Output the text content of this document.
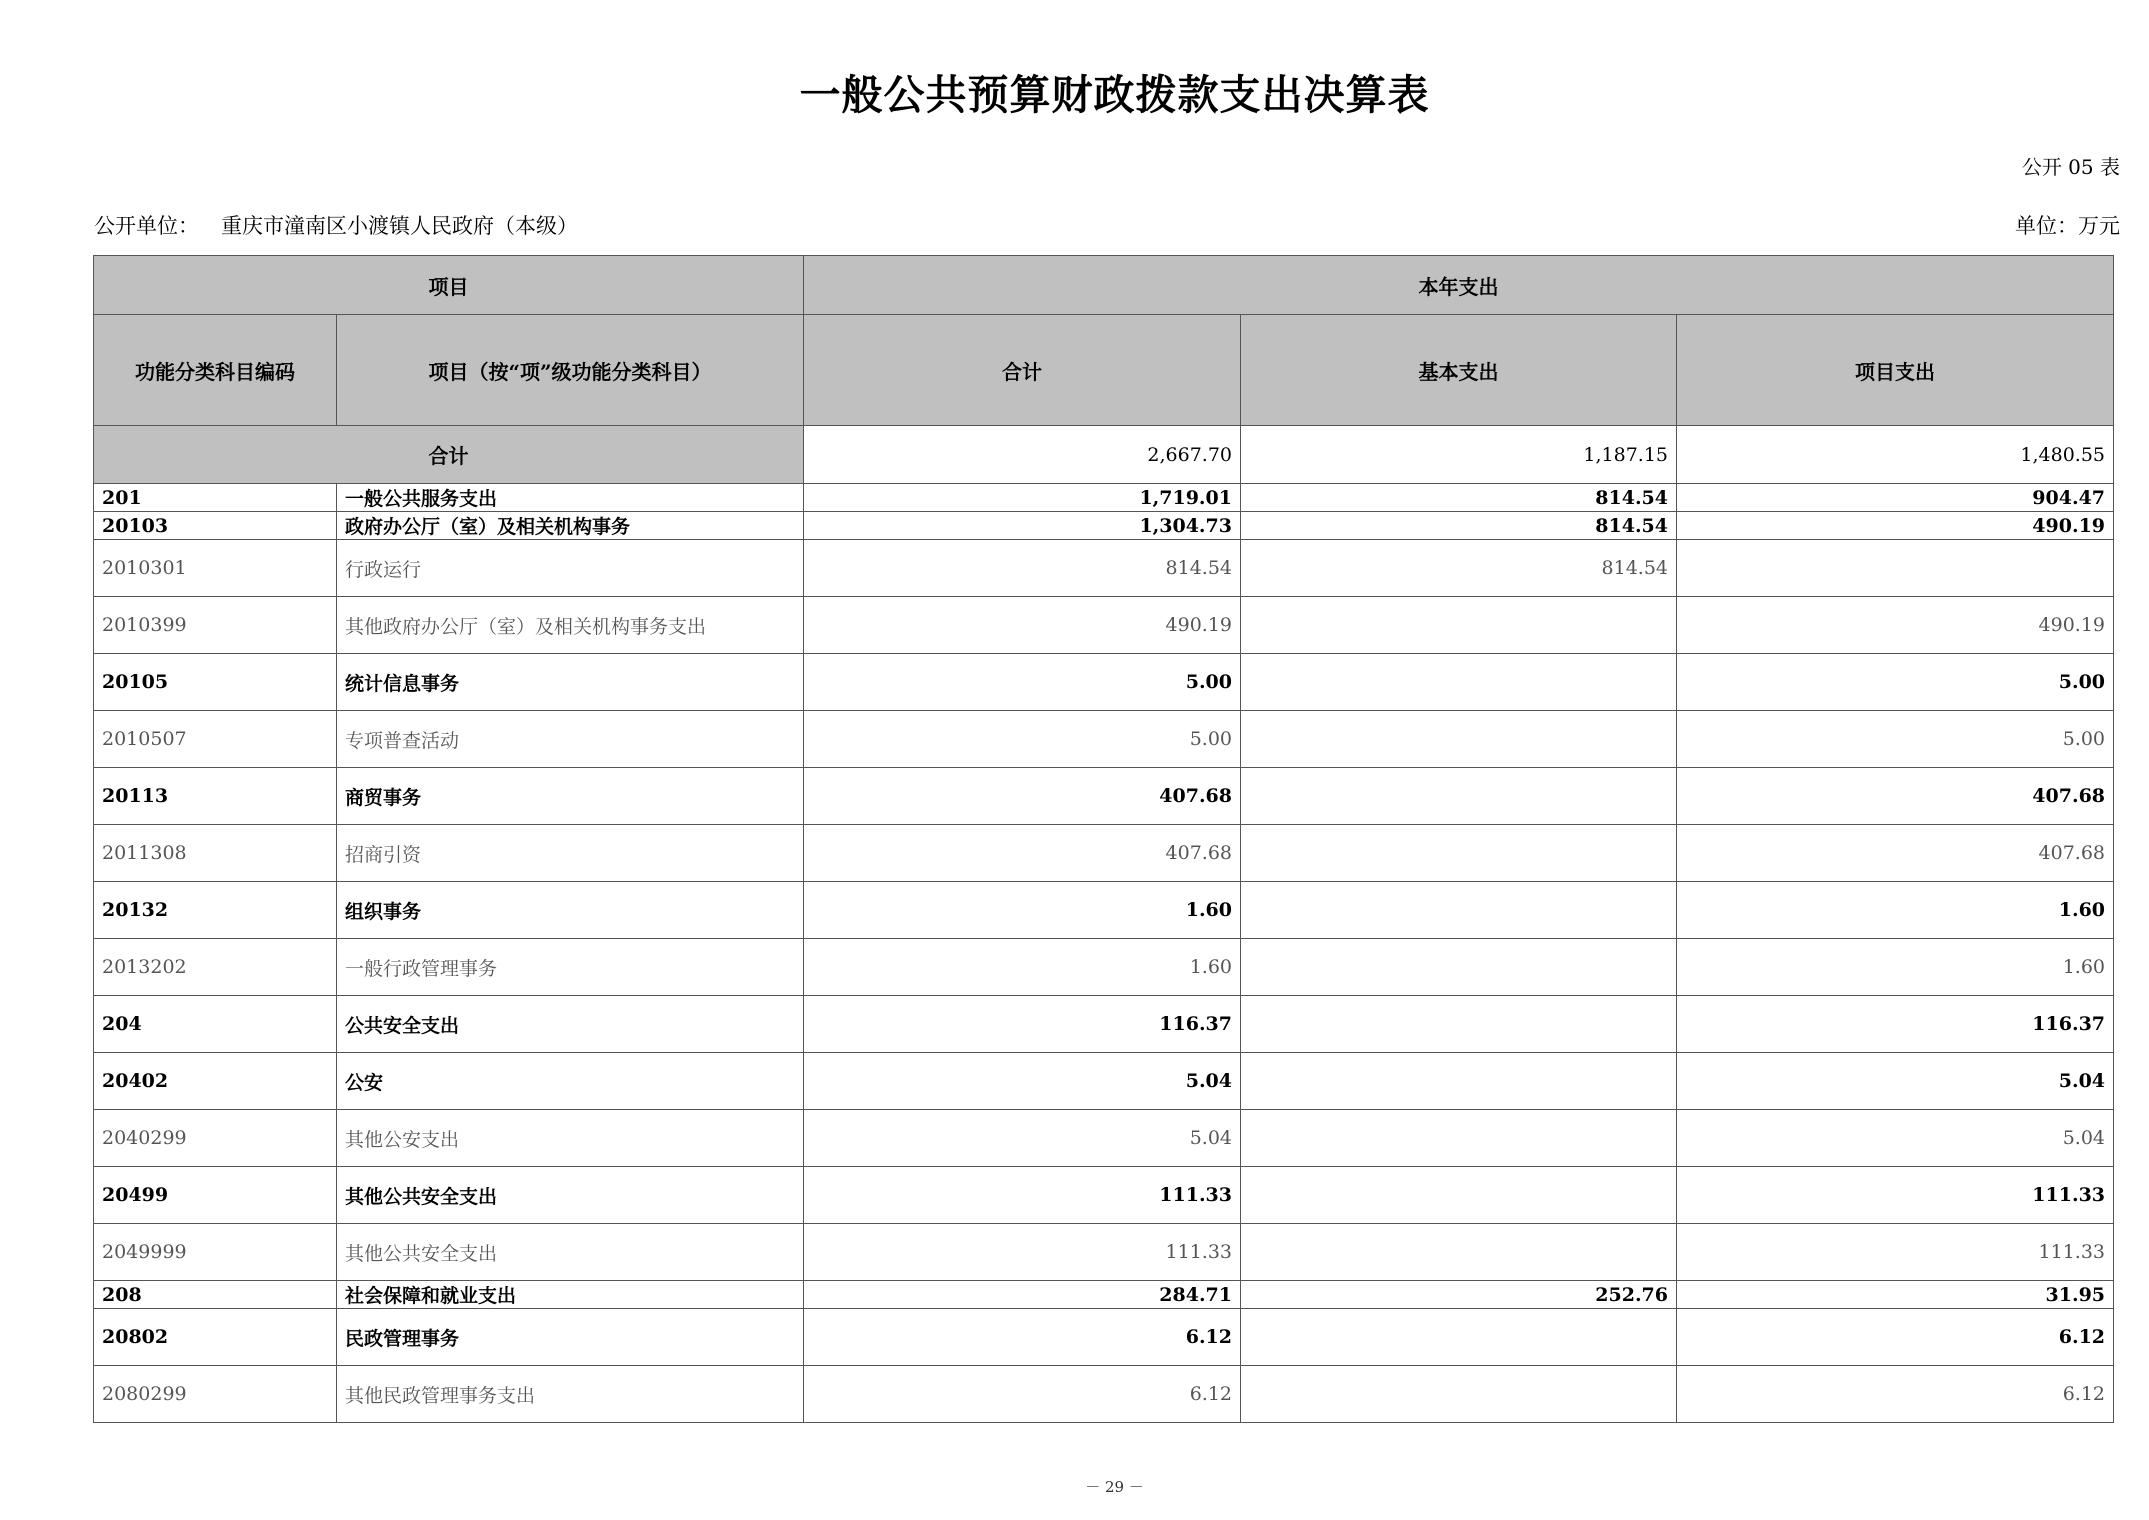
一般公共预算财政拨款支出决算表
公开 05 表
公开单位： 重庆市潼南区小渡镇人民政府（本级）	单位：万元
项目		本年支出		
功能分类科目编码	项目（按“项”级功能分类科目）	合计	基本支出	项目支出
合计		2,667.70	1,187.15	1,480.55
201	一般公共服务支出	1,719.01	814.54	904.47
20103	政府办公厅（室）及相关机构事务	1,304.73	814.54	490.19
2010301	行政运行	814.54	814.54	
2010399	其他政府办公厅（室）及相关机构事务支出	490.19		490.19
20105	统计信息事务	5.00		5.00
2010507	专项普查活动	5.00		5.00
20113	商贸事务	407.68		407.68
2011308	招商引资	407.68		407.68
20132	组织事务	1.60		1.60
2013202	一般行政管理事务	1.60		1.60
204	公共安全支出	116.37		116.37
20402	公安	5.04		5.04
2040299	其他公安支出	5.04		5.04
20499	其他公共安全支出	111.33		111.33
2049999	其他公共安全支出	111.33		111.33
208	社会保障和就业支出	284.71	252.76	31.95
20802	民政管理事务	6.12		6.12
2080299	其他民政管理事务支出	6.12		6.12
－ 29 －
